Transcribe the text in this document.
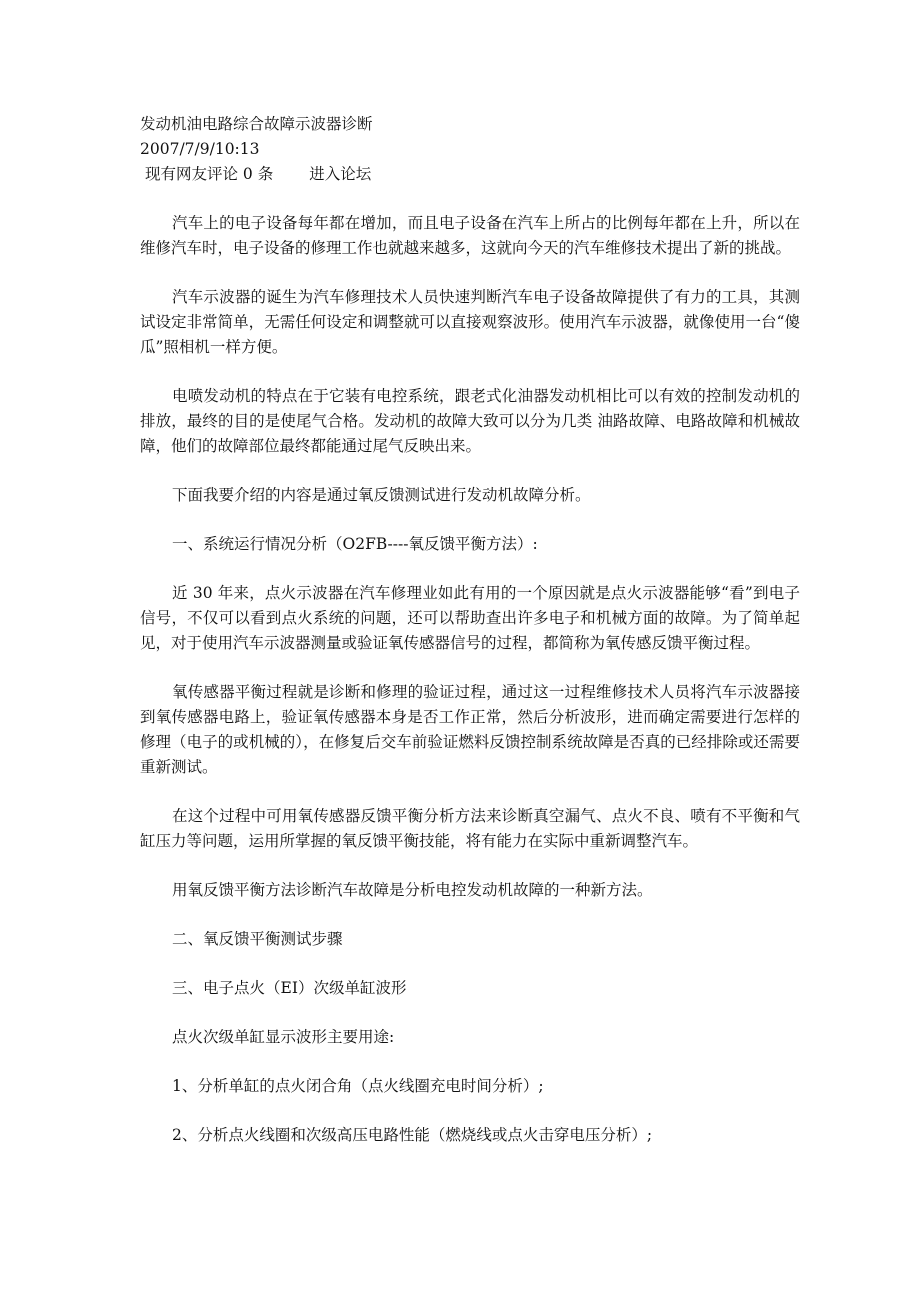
发动机油电路综合故障示波器诊断

2007/7/9/10:13

现有网友评论 0 条 进入论坛

汽车上的电子设备每年都在增加，而且电子设备在汽车上所占的比例每年都在上升，所以在维修汽车时，电子设备的修理工作也就越来越多，这就向今天的汽车维修技术提出了新的挑战。

汽车示波器的诞生为汽车修理技术人员快速判断汽车电子设备故障提供了有力的工具，其测试设定非常简单，无需任何设定和调整就可以直接观察波形。使用汽车示波器，就像使用一台“傻瓜”照相机一样方便。

电喷发动机的特点在于它装有电控系统，跟老式化油器发动机相比可以有效的控制发动机的排放，最终的目的是使尾气合格。发动机的故障大致可以分为几类 油路故障、电路故障和机械故障，他们的故障部位最终都能通过尾气反映出来。

下面我要介绍的内容是通过氧反馈测试进行发动机故障分析。

一、系统运行情况分析（O2FB----氧反馈平衡方法）:

近 30 年来，点火示波器在汽车修理业如此有用的一个原因就是点火示波器能够“看”到电子信号，不仅可以看到点火系统的问题，还可以帮助查出许多电子和机械方面的故障。为了简单起见，对于使用汽车示波器测量或验证氧传感器信号的过程，都简称为氧传感反馈平衡过程。

氧传感器平衡过程就是诊断和修理的验证过程，通过这一过程维修技术人员将汽车示波器接到氧传感器电路上，验证氧传感器本身是否工作正常，然后分析波形，进而确定需要进行怎样的修理（电子的或机械的），在修复后交车前验证燃料反馈控制系统故障是否真的已经排除或还需要重新测试。

在这个过程中可用氧传感器反馈平衡分析方法来诊断真空漏气、点火不良、喷有不平衡和气缸压力等问题，运用所掌握的氧反馈平衡技能，将有能力在实际中重新调整汽车。

用氧反馈平衡方法诊断汽车故障是分析电控发动机故障的一种新方法。

二、氧反馈平衡测试步骤

三、电子点火（EI）次级单缸波形

点火次级单缸显示波形主要用途:

1、分析单缸的点火闭合角（点火线圈充电时间分析）;

2、分析点火线圈和次级高压电路性能（燃烧线或点火击穿电压分析）;
